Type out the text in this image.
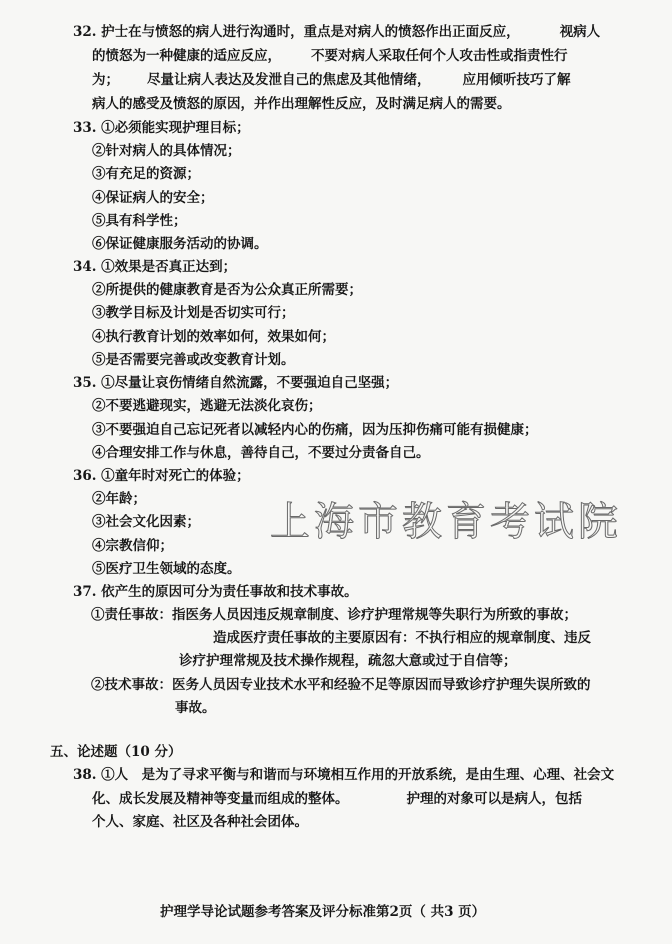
32. 护士在与愤怒的病人进行沟通时，重点是对病人的愤怒作出正面反应，	视病人
的愤怒为一种健康的适应反应， 不要对病人采取任何个人攻击性或指责性行
为； 尽量让病人表达及发泄自己的焦虑及其他情绪， 应用倾听技巧了解
病人的感受及愤怒的原因，并作出理解性反应，及时满足病人的需要。
33. ①必须能实现护理目标；
②针对病人的具体情况；
③有充足的资源；
④保证病人的安全；
⑤具有科学性；
⑥保证健康服务活动的协调。
34. ①效果是否真正达到；
②所提供的健康教育是否为公众真正所需要；
③教学目标及计划是否切实可行；
④执行教育计划的效率如何，效果如何；
⑤是否需要完善或改变教育计划。
35. ①尽量让哀伤情绪自然流露，不要强迫自己坚强；
②不要逃避现实，逃避无法淡化哀伤；
③不要强迫自己忘记死者以减轻内心的伤痛，因为压抑伤痛可能有损健康；
④合理安排工作与休息，善待自己，不要过分责备自己。
36. ①童年时对死亡的体验；
②年龄；
③社会文化因素；
④宗教信仰；
⑤医疗卫生领域的态度。
上海市教育考试院
37. 依产生的原因可分为责任事故和技术事故。
①责任事故：指医务人员因违反规章制度、诊疗护理常规等失职行为所致的事故；
造成医疗责任事故的主要原因有：不执行相应的规章制度、违反
诊疗护理常规及技术操作规程，疏忽大意或过于自信等；
②技术事故：医务人员因专业技术水平和经验不足等原因而导致诊疗护理失误所致的
事故。
五、论述题（10 分）
38. ①人　是为了寻求平衡与和谐而与环境相互作用的开放系统，是由生理、心理、社会文
化、成长发展及精神等变量而组成的整体。	护理的对象可以是病人，包括
个人、家庭、社区及各种社会团体。
护理学导论试题参考答案及评分标准第2页（ 共3 页）
